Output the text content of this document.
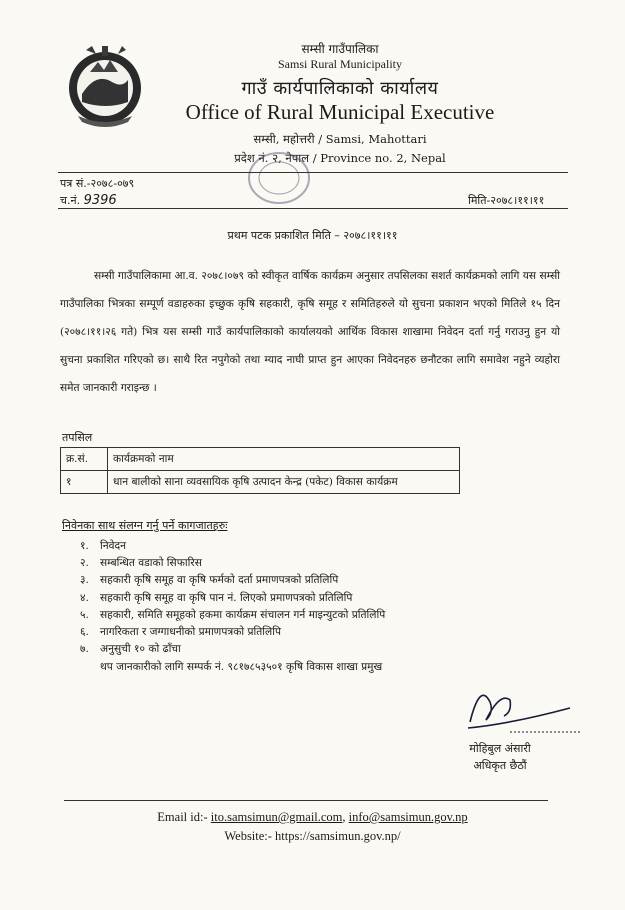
सम्सी गाउँपालिका
Samsi Rural Municipality
गाउँ कार्यपालिकाको कार्यालय
Office of Rural Municipal Executive
सम्सी, महोत्तरी / Samsi, Mahottari
प्रदेश नं. २, नेपाल / Province no. 2, Nepal
पत्र सं.-२०७८-०७९
च.नं. 9396	मिति-२०७८।११।११
प्रथम पटक प्रकाशित मिति – २०७८।११।११
सम्सी गाउँपालिकामा आ.व. २०७८।०७९ को स्वीकृत वार्षिक कार्यक्रम अनुसार तपसिलका सशर्त कार्यक्रमको लागि यस सम्सी गाउँपालिका भित्रका सम्पूर्ण वडाहरुका इच्छुक कृषि सहकारी, कृषि समूह र समितिहरुले यो सुचना प्रकाशन भएको मितिले १५ दिन (२०७८।११।२६ गते) भित्र यस सम्सी गाउँ कार्यपालिकाको कार्यालयको आर्थिक विकास शाखामा निवेदन दर्ता गर्नु गराउनु हुन यो सुचना प्रकाशित गरिएको छ। साथै रित नपुगेको तथा म्याद नाघी प्राप्त हुन आएका निवेदनहरु छनौटका लागि समावेश नहुने व्यहोरा समेत जानकारी गराइन्छ ।
तपसिल
क्र.सं.	कार्यक्रमको नाम
१	धान बालीको साना व्यवसायिक कृषि उत्पादन केन्द्र (पकेट) विकास कार्यक्रम
निवेनका साथ संलग्न गर्नु पर्ने कागजातहरुः
१. निवेदन
२. सम्बन्धित वडाको सिफारिस
३. सहकारी कृषि समूह वा कृषि फर्मको दर्ता प्रमाणपत्रको प्रतिलिपि
४. सहकारी कृषि समूह वा कृषि पान नं. लिएको प्रमाणपत्रको प्रतिलिपि
५. सहकारी, समिति समूहको हकमा कार्यक्रम संचालन गर्न माइन्युटको प्रतिलिपि
६. नागरिकता र जग्गाधनीको प्रमाणपत्रको प्रतिलिपि
७. अनुसुची १० को ढाँचा
थप जानकारीको लागि सम्पर्क नं. ९८१७८५३५०१ कृषि विकास शाखा प्रमुख
मोहिबुल अंसारी
अधिकृत छैठौं
Email id:- ito.samsimun@gmail.com, info@samsimun.gov.np
Website:- https://samsimun.gov.np/
